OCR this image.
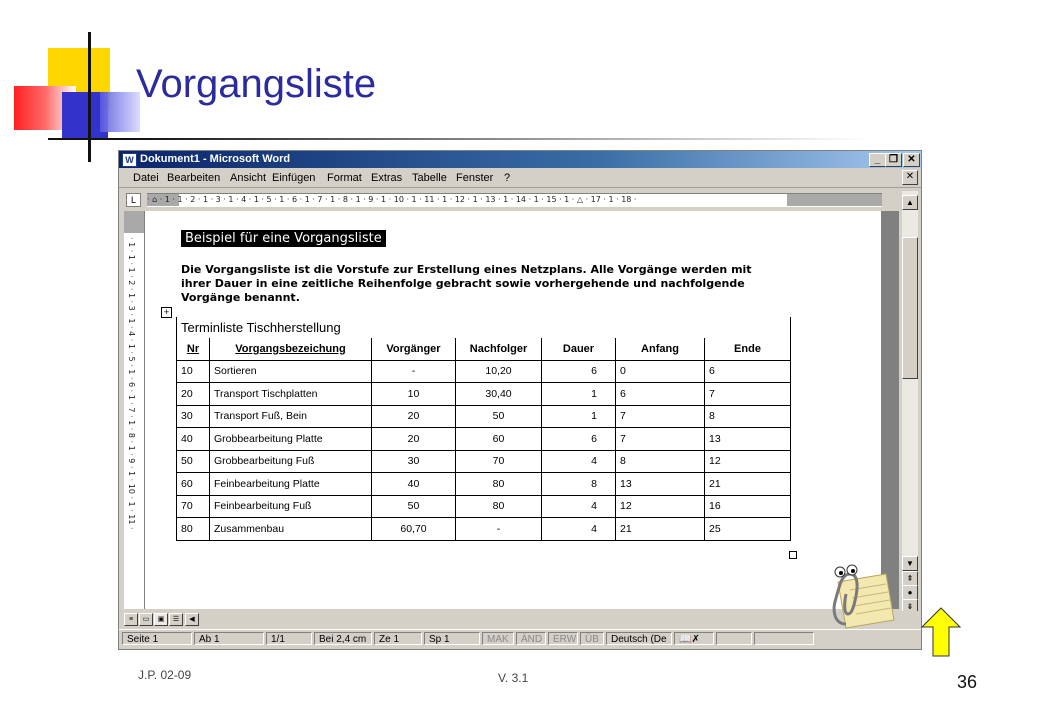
Vorgangsliste
W Dokument1 - Microsoft Word	_ ❐ ✕
Datei Bearbeiten Ansicht Einfügen Format Extras Tabelle Fenster ?	✕
L	· ⌂ · 1 · 1 · 2 · 1 · 3 · 1 · 4 · 1 · 5 · 1 · 6 · 1 · 7 · 1 · 8 · 1 · 9 · 1 · 10 · 1 · 11 · 1 · 12 · 1 · 13 · 1 · 14 · 1 · 15 · 1 · △ · 17 · 1 · 18 ·
· 1 · 1 · 1 · 2 · 1 · 3 · 1 · 4 · 1 · 5 · 1 · 6 · 1 · 7 · 1 · 8 · 1 · 9 · 1 · 10 · 1 · 11 ·	Beispiel für eine Vorgangsliste
Die Vorgangsliste ist die Vorstufe zur Erstellung eines Netzplans. Alle Vorgänge werden mit ihrer Dauer in eine zeitliche Reihenfolge gebracht sowie vorhergehende und nachfolgende Vorgänge benannt.
+
Terminliste Tischherstellung						
Nr	Vorgangsbezeichung	Vorgänger	Nachfolger	Dauer	Anfang	Ende
10	Sortieren	-	10,20	6	0	6
20	Transport Tischplatten	10	30,40	1	6	7
30	Transport Fuß, Bein	20	50	1	7	8
40	Grobbearbeitung Platte	20	60	6	7	13
50	Grobbearbeitung Fuß	30	70	4	8	12
60	Feinbearbeitung Platte	40	80	8	13	21
70	Feinbearbeitung Fuß	50	80	4	12	16
80	Zusammenbau	60,70	-	4	21	25
▲
▼
⇞
●
⇟
≡	▭	▣	☰	◀
Seite 1	Ab 1	1/1	Bei 2,4 cm	Ze 1	Sp 1	MAK	ÄND	ERW ÜB	Deutsch (De	📖✗
J.P. 02-09	V. 3.1	36
